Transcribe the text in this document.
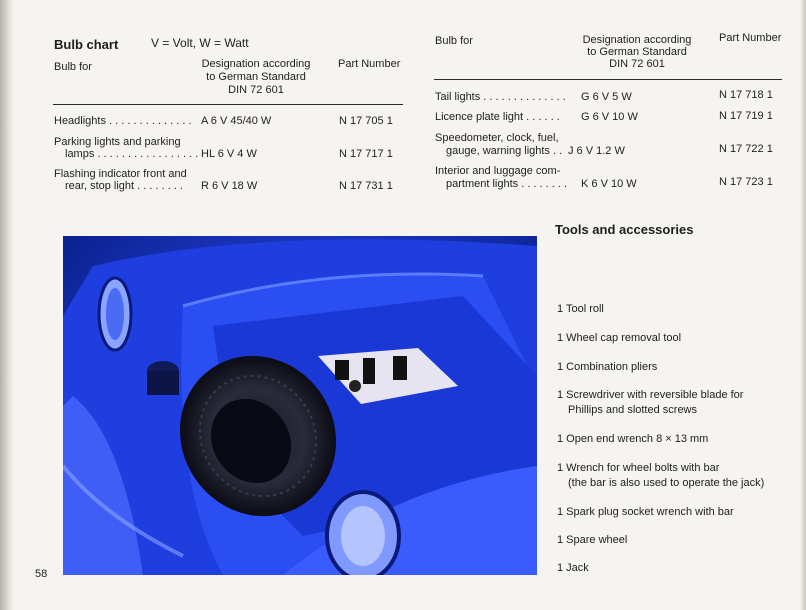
Bulb chart	V = Volt, W = Watt
Bulb for	Designation according
to German Standard
DIN 72 601
Part Number
Headlights . . . . . . . . . . . . . . A 6 V 45/40 W	N 17 705 1
Parking lights and parking
lamps . . . . . . . . . . . . . . . . . HL 6 V 4 W	N 17 717 1
Flashing indicator front and
rear, stop light . . . . . . . . R 6 V 18 W	N 17 731 1
Bulb for	Designation according
to German Standard
DIN 72 601
Part Number
Tail lights . . . . . . . . . . . . . . G 6 V 5 W	N 17 718 1
Licence plate light . . . . . . G 6 V 10 W	N 17 719 1
Speedometer, clock, fuel,
gauge, warning lights . . J 6 V 1.2 W	N 17 722 1
Interior and luggage com-
partment lights . . . . . . . . K 6 V 10 W	N 17 723 1
Tools and accessories
1 Tool roll
1 Wheel cap removal tool
1 Combination pliers
1 Screwdriver with reversible blade for
Phillips and slotted screws
1 Open end wrench 8 × 13 mm
1 Wrench for wheel bolts with bar
(the bar is also used to operate the jack)
1 Spark plug socket wrench with bar
1 Spare wheel
1 Jack
58
